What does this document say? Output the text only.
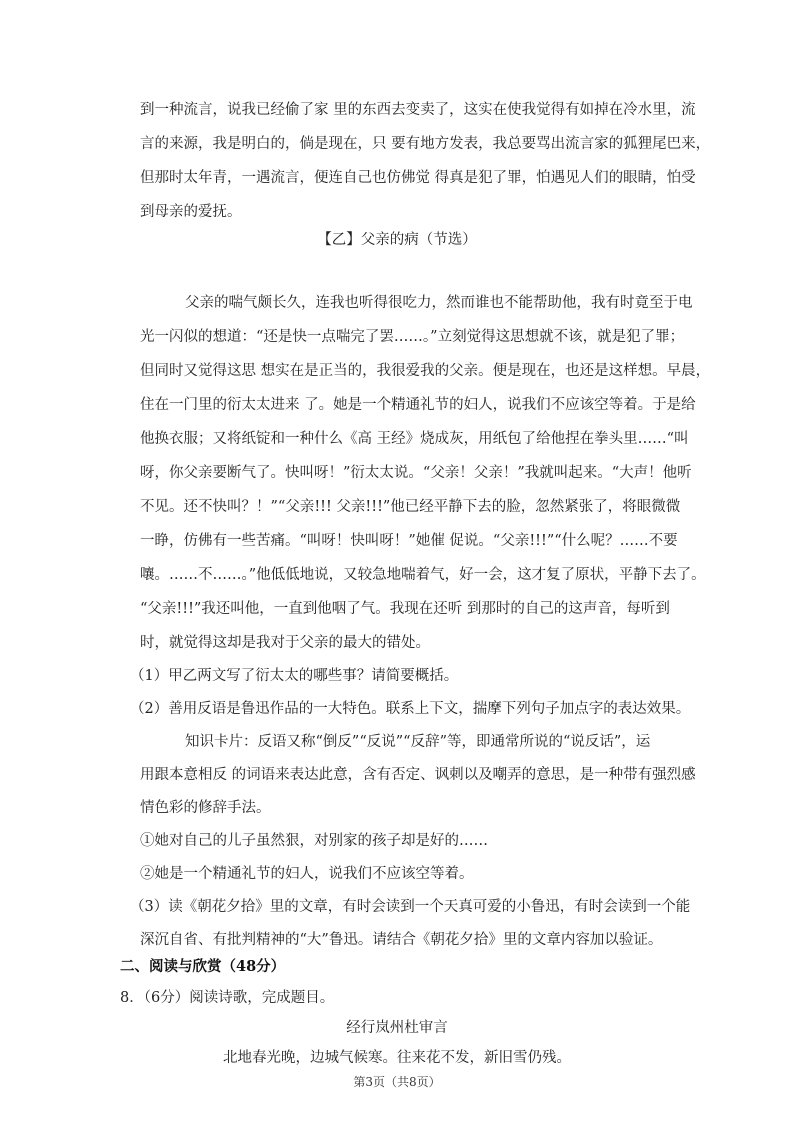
到一种流言，说我已经偷了家 里的东西去变卖了，这实在使我觉得有如掉在冷水里，流
言的来源，我是明白的，倘是现在，只 要有地方发表，我总要骂出流言家的狐狸尾巴来，
但那时太年青，一遇流言，便连自己也仿佛觉 得真是犯了罪，怕遇见人们的眼睛，怕受
到母亲的爱抚。
【乙】父亲的病（节选）
父亲的喘气颇长久，连我也听得很吃力，然而谁也不能帮助他，我有时竟至于电
光一闪似的想道：“还是快一点喘完了罢……。”立刻觉得这思想就不该，就是犯了罪；
但同时又觉得这思 想实在是正当的，我很爱我的父亲。便是现在，也还是这样想。早晨，
住在一门里的衍太太进来 了。她是一个精通礼节的妇人，说我们不应该空等着。于是给
他换衣服；又将纸锭和一种什么《高 王经》烧成灰，用纸包了给他捏在拳头里……“叫
呀，你父亲要断气了。快叫呀！”衍太太说。“父亲！父亲！”我就叫起来。“大声！他听
不见。还不快叫？！”“父亲!!! 父亲!!!”他已经平静下去的脸，忽然紧张了，将眼微微
一睁，仿佛有一些苦痛。“叫呀！快叫呀！”她催 促说。“父亲!!!”“什么呢？……不要
嚷。……不……。”他低低地说，又较急地喘着气，好一会，这才复了原状，平静下去了。
“父亲!!!”我还叫他，一直到他咽了气。我现在还听 到那时的自己的这声音，每听到
时，就觉得这却是我对于父亲的最大的错处。
（1）甲乙两文写了衍太太的哪些事？请简要概括。
（2）善用反语是鲁迅作品的一大特色。联系上下文，揣摩下列句子加点字的表达效果。
知识卡片：反语又称“倒反”“反说”“反辞”等，即通常所说的“说反话”，运
用跟本意相反 的词语来表达此意，含有否定、讽刺以及嘲弄的意思，是一种带有强烈感
情色彩的修辞手法。
①她对自己的儿子虽然狠，对别家的孩子却是好的……
②她是一个精通礼节的妇人，说我们不应该空等着。
（3）读《朝花夕拾》里的文章，有时会读到一个天真可爱的小鲁迅，有时会读到一个能
深沉自省、有批判精神的“大”鲁迅。请结合《朝花夕拾》里的文章内容加以验证。
二、阅读与欣赏（48分）
8．（6分）阅读诗歌，完成题目。
经行岚州杜审言
北地春光晚，边城气候寒。往来花不发，新旧雪仍残。
第3页（共8页）
